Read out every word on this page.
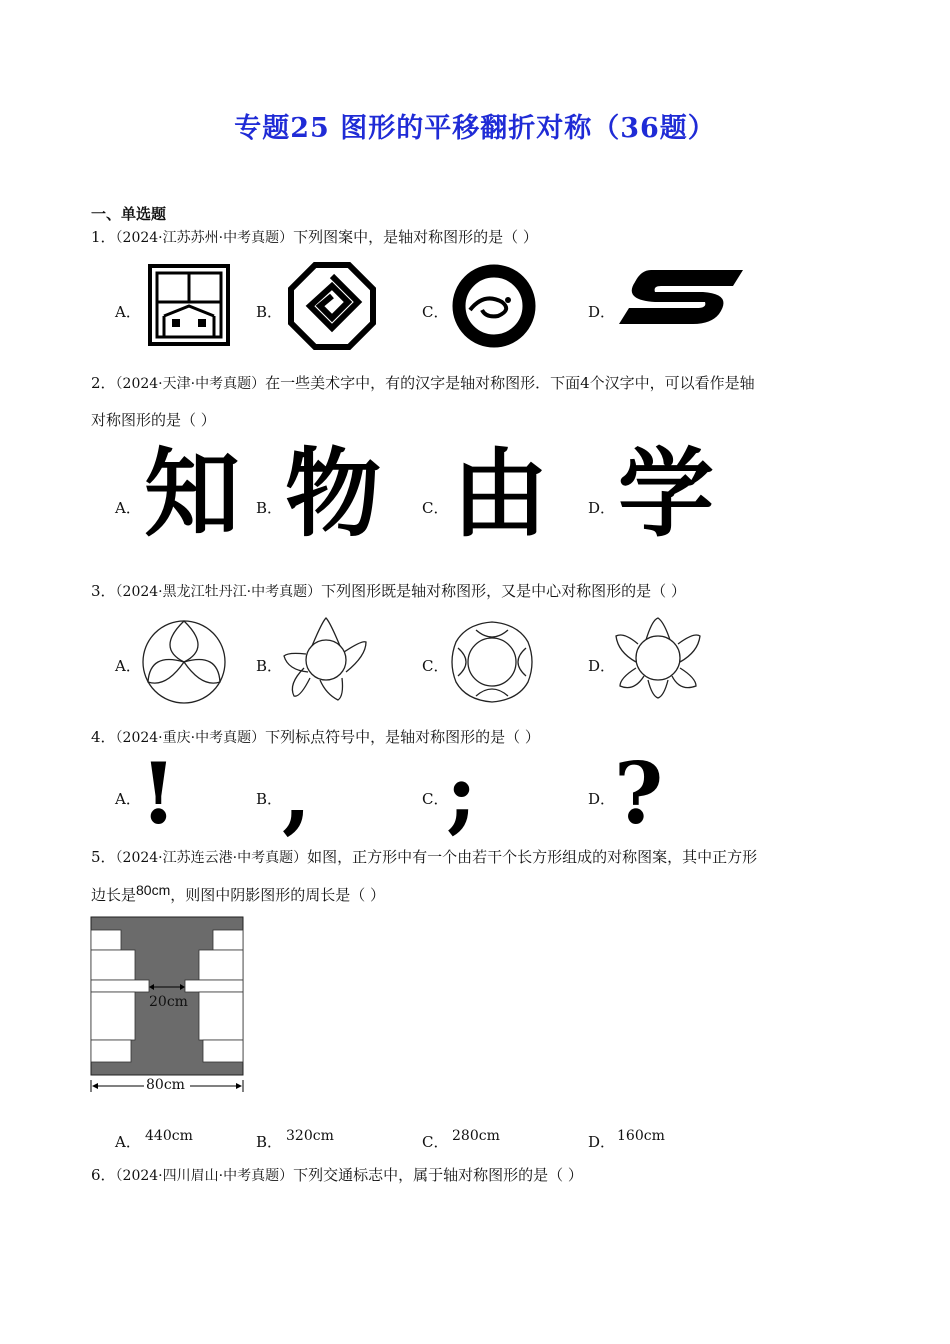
专题25 图形的平移翻折对称（36题）
一、单选题
1．（2024·江苏苏州·中考真题）下列图案中，是轴对称图形的是（ ）
A．	B．	C．	D．
2．（2024·天津·中考真题）在一些美术字中，有的汉字是轴对称图形．下面4个汉字中，可以看作是轴
对称图形的是（ ）
A．	B．	C．	D．
知 物 由 学
3．（2024·黑龙江牡丹江·中考真题）下列图形既是轴对称图形，又是中心对称图形的是（ ）
A．	B．	C．	D．
4．（2024·重庆·中考真题）下列标点符号中，是轴对称图形的是（ ）
A．	B．	C．	D．
! , ; ?
5．（2024·江苏连云港·中考真题）如图，正方形中有一个由若干个长方形组成的对称图案，其中正方形
边长是80cm，则图中阴影图形的周长是（ ）
20cm
80cm
A．	B．	C．	D．
440cm	320cm	280cm	160cm
6．（2024·四川眉山·中考真题）下列交通标志中，属于轴对称图形的是（ ）
